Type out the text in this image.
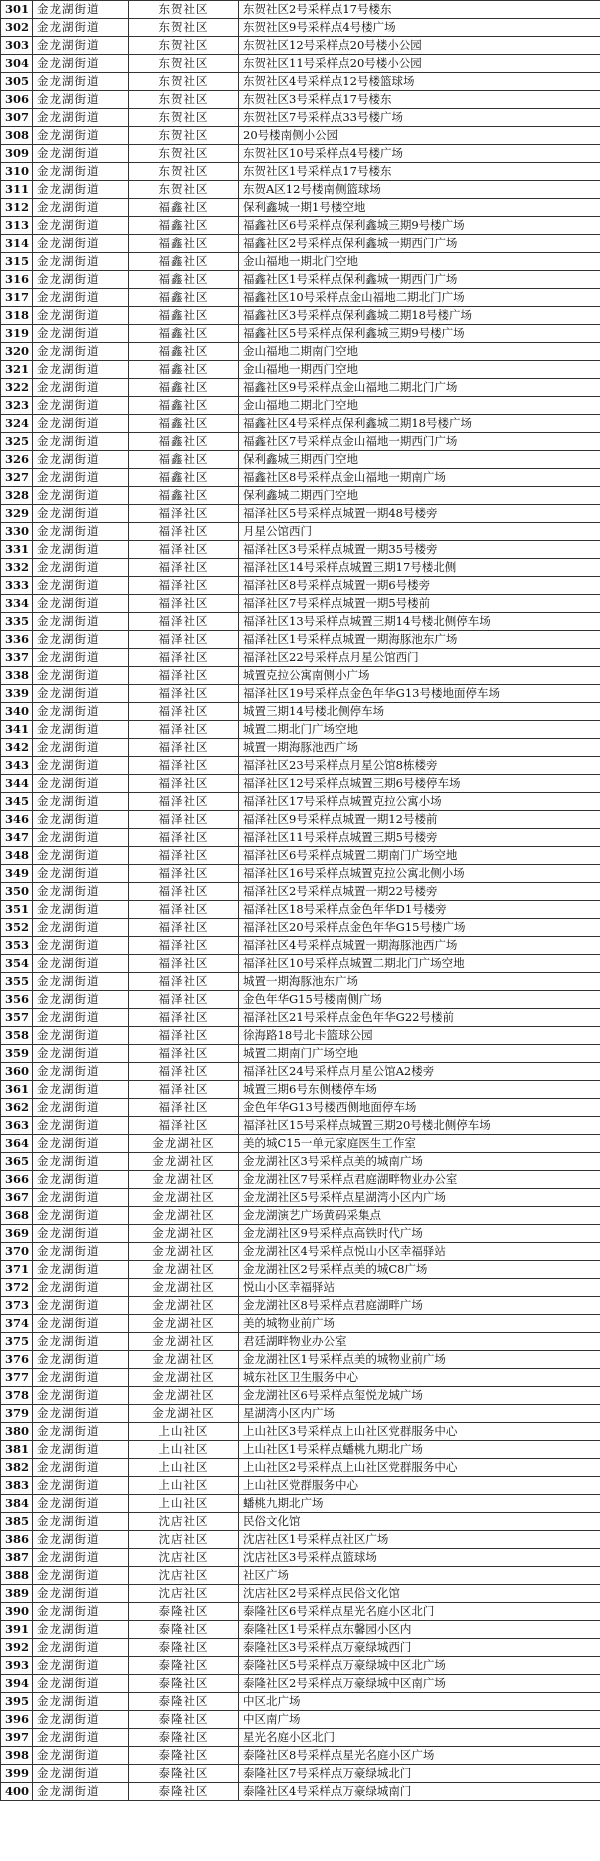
301	金龙湖街道	东贺社区	东贺社区2号采样点17号楼东
302	金龙湖街道	东贺社区	东贺社区9号采样点4号楼广场
303	金龙湖街道	东贺社区	东贺社区12号采样点20号楼小公园
304	金龙湖街道	东贺社区	东贺社区11号采样点20号楼小公园
305	金龙湖街道	东贺社区	东贺社区4号采样点12号楼篮球场
306	金龙湖街道	东贺社区	东贺社区3号采样点17号楼东
307	金龙湖街道	东贺社区	东贺社区7号采样点33号楼广场
308	金龙湖街道	东贺社区	20号楼南侧小公园
309	金龙湖街道	东贺社区	东贺社区10号采样点4号楼广场
310	金龙湖街道	东贺社区	东贺社区1号采样点17号楼东
311	金龙湖街道	东贺社区	东贺A区12号楼南侧篮球场
312	金龙湖街道	福鑫社区	保利鑫城一期1号楼空地
313	金龙湖街道	福鑫社区	福鑫社区6号采样点保利鑫城三期9号楼广场
314	金龙湖街道	福鑫社区	福鑫社区2号采样点保利鑫城一期西门广场
315	金龙湖街道	福鑫社区	金山福地一期北门空地
316	金龙湖街道	福鑫社区	福鑫社区1号采样点保利鑫城一期西门广场
317	金龙湖街道	福鑫社区	福鑫社区10号采样点金山福地二期北门广场
318	金龙湖街道	福鑫社区	福鑫社区3号采样点保利鑫城二期18号楼广场
319	金龙湖街道	福鑫社区	福鑫社区5号采样点保利鑫城三期9号楼广场
320	金龙湖街道	福鑫社区	金山福地二期南门空地
321	金龙湖街道	福鑫社区	金山福地一期西门空地
322	金龙湖街道	福鑫社区	福鑫社区9号采样点金山福地二期北门广场
323	金龙湖街道	福鑫社区	金山福地二期北门空地
324	金龙湖街道	福鑫社区	福鑫社区4号采样点保利鑫城二期18号楼广场
325	金龙湖街道	福鑫社区	福鑫社区7号采样点金山福地一期西门广场
326	金龙湖街道	福鑫社区	保利鑫城三期西门空地
327	金龙湖街道	福鑫社区	福鑫社区8号采样点金山福地一期南广场
328	金龙湖街道	福鑫社区	保利鑫城二期西门空地
329	金龙湖街道	福泽社区	福泽社区5号采样点城置一期48号楼旁
330	金龙湖街道	福泽社区	月星公馆西门
331	金龙湖街道	福泽社区	福泽社区3号采样点城置一期35号楼旁
332	金龙湖街道	福泽社区	福泽社区14号采样点城置三期17号楼北侧
333	金龙湖街道	福泽社区	福泽社区8号采样点城置一期6号楼旁
334	金龙湖街道	福泽社区	福泽社区7号采样点城置一期5号楼前
335	金龙湖街道	福泽社区	福泽社区13号采样点城置三期14号楼北侧停车场
336	金龙湖街道	福泽社区	福泽社区1号采样点城置一期海豚池东广场
337	金龙湖街道	福泽社区	福泽社区22号采样点月星公馆西门
338	金龙湖街道	福泽社区	城置克拉公寓南侧小广场
339	金龙湖街道	福泽社区	福泽社区19号采样点金色年华G13号楼地面停车场
340	金龙湖街道	福泽社区	城置三期14号楼北侧停车场
341	金龙湖街道	福泽社区	城置二期北门广场空地
342	金龙湖街道	福泽社区	城置一期海豚池西广场
343	金龙湖街道	福泽社区	福泽社区23号采样点月星公馆8栋楼旁
344	金龙湖街道	福泽社区	福泽社区12号采样点城置三期6号楼停车场
345	金龙湖街道	福泽社区	福泽社区17号采样点城置克拉公寓小场
346	金龙湖街道	福泽社区	福泽社区9号采样点城置一期12号楼前
347	金龙湖街道	福泽社区	福泽社区11号采样点城置三期5号楼旁
348	金龙湖街道	福泽社区	福泽社区6号采样点城置二期南门广场空地
349	金龙湖街道	福泽社区	福泽社区16号采样点城置克拉公寓北侧小场
350	金龙湖街道	福泽社区	福泽社区2号采样点城置一期22号楼旁
351	金龙湖街道	福泽社区	福泽社区18号采样点金色年华D1号楼旁
352	金龙湖街道	福泽社区	福泽社区20号采样点金色年华G15号楼广场
353	金龙湖街道	福泽社区	福泽社区4号采样点城置一期海豚池西广场
354	金龙湖街道	福泽社区	福泽社区10号采样点城置二期北门广场空地
355	金龙湖街道	福泽社区	城置一期海豚池东广场
356	金龙湖街道	福泽社区	金色年华G15号楼南侧广场
357	金龙湖街道	福泽社区	福泽社区21号采样点金色年华G22号楼前
358	金龙湖街道	福泽社区	徐海路18号北卡篮球公园
359	金龙湖街道	福泽社区	城置二期南门广场空地
360	金龙湖街道	福泽社区	福泽社区24号采样点月星公馆A2楼旁
361	金龙湖街道	福泽社区	城置三期6号东侧楼停车场
362	金龙湖街道	福泽社区	金色年华G13号楼西侧地面停车场
363	金龙湖街道	福泽社区	福泽社区15号采样点城置三期20号楼北侧停车场
364	金龙湖街道	金龙湖社区	美的城C15一单元家庭医生工作室
365	金龙湖街道	金龙湖社区	金龙湖社区3号采样点美的城南广场
366	金龙湖街道	金龙湖社区	金龙湖社区7号采样点君庭湖畔物业办公室
367	金龙湖街道	金龙湖社区	金龙湖社区5号采样点星湖湾小区内广场
368	金龙湖街道	金龙湖社区	金龙湖演艺广场黄码采集点
369	金龙湖街道	金龙湖社区	金龙湖社区9号采样点高铁时代广场
370	金龙湖街道	金龙湖社区	金龙湖社区4号采样点悦山小区幸福驿站
371	金龙湖街道	金龙湖社区	金龙湖社区2号采样点美的城C8广场
372	金龙湖街道	金龙湖社区	悦山小区幸福驿站
373	金龙湖街道	金龙湖社区	金龙湖社区8号采样点君庭湖畔广场
374	金龙湖街道	金龙湖社区	美的城物业前广场
375	金龙湖街道	金龙湖社区	君廷湖畔物业办公室
376	金龙湖街道	金龙湖社区	金龙湖社区1号采样点美的城物业前广场
377	金龙湖街道	金龙湖社区	城东社区卫生服务中心
378	金龙湖街道	金龙湖社区	金龙湖社区6号采样点玺悦龙城广场
379	金龙湖街道	金龙湖社区	星湖湾小区内广场
380	金龙湖街道	上山社区	上山社区3号采样点上山社区党群服务中心
381	金龙湖街道	上山社区	上山社区1号采样点蟠桃九期北广场
382	金龙湖街道	上山社区	上山社区2号采样点上山社区党群服务中心
383	金龙湖街道	上山社区	上山社区党群服务中心
384	金龙湖街道	上山社区	蟠桃九期北广场
385	金龙湖街道	沈店社区	民俗文化馆
386	金龙湖街道	沈店社区	沈店社区1号采样点社区广场
387	金龙湖街道	沈店社区	沈店社区3号采样点篮球场
388	金龙湖街道	沈店社区	社区广场
389	金龙湖街道	沈店社区	沈店社区2号采样点民俗文化馆
390	金龙湖街道	泰隆社区	泰隆社区6号采样点星光名庭小区北门
391	金龙湖街道	泰隆社区	泰隆社区1号采样点东馨园小区内
392	金龙湖街道	泰隆社区	泰隆社区3号采样点万豪绿城西门
393	金龙湖街道	泰隆社区	泰隆社区5号采样点万豪绿城中区北广场
394	金龙湖街道	泰隆社区	泰隆社区2号采样点万豪绿城中区南广场
395	金龙湖街道	泰隆社区	中区北广场
396	金龙湖街道	泰隆社区	中区南广场
397	金龙湖街道	泰隆社区	星光名庭小区北门
398	金龙湖街道	泰隆社区	泰隆社区8号采样点星光名庭小区广场
399	金龙湖街道	泰隆社区	泰隆社区7号采样点万豪绿城北门
400	金龙湖街道	泰隆社区	泰隆社区4号采样点万豪绿城南门
